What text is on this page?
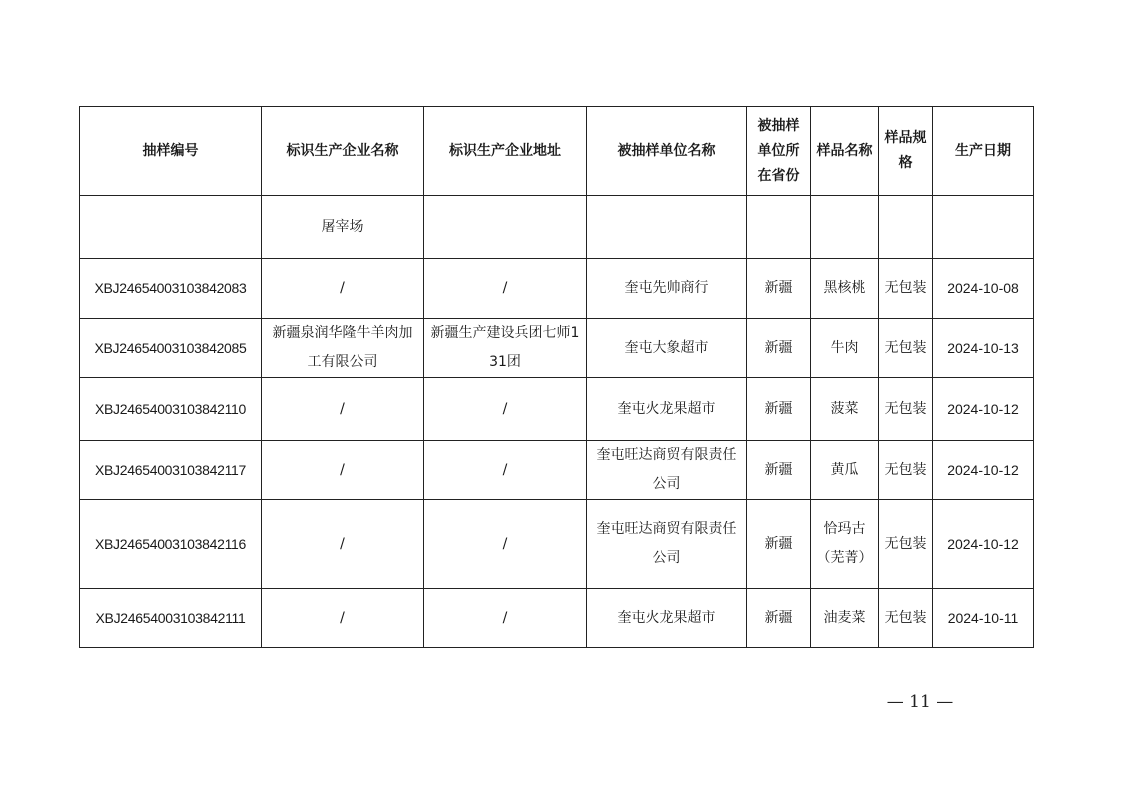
抽样编号	标识生产企业名称	标识生产企业地址	被抽样单位名称	被抽样单位所在省份	样品名称	样品规格	生产日期
	屠宰场						
XBJ24654003103842083	/	/	奎屯先帅商行	新疆	黑核桃	无包装	2024-10-08
XBJ24654003103842085	新疆泉润华隆牛羊肉加工有限公司	新疆生产建设兵团七师131团	奎屯大象超市	新疆	牛肉	无包装	2024-10-13
XBJ24654003103842110	/	/	奎屯火龙果超市	新疆	菠菜	无包装	2024-10-12
XBJ24654003103842117	/	/	奎屯旺达商贸有限责任公司	新疆	黄瓜	无包装	2024-10-12
XBJ24654003103842116	/	/	奎屯旺达商贸有限责任公司	新疆	恰玛古（芜菁）	无包装	2024-10-12
XBJ24654003103842111	/	/	奎屯火龙果超市	新疆	油麦菜	无包装	2024-10-11
— 11 —
